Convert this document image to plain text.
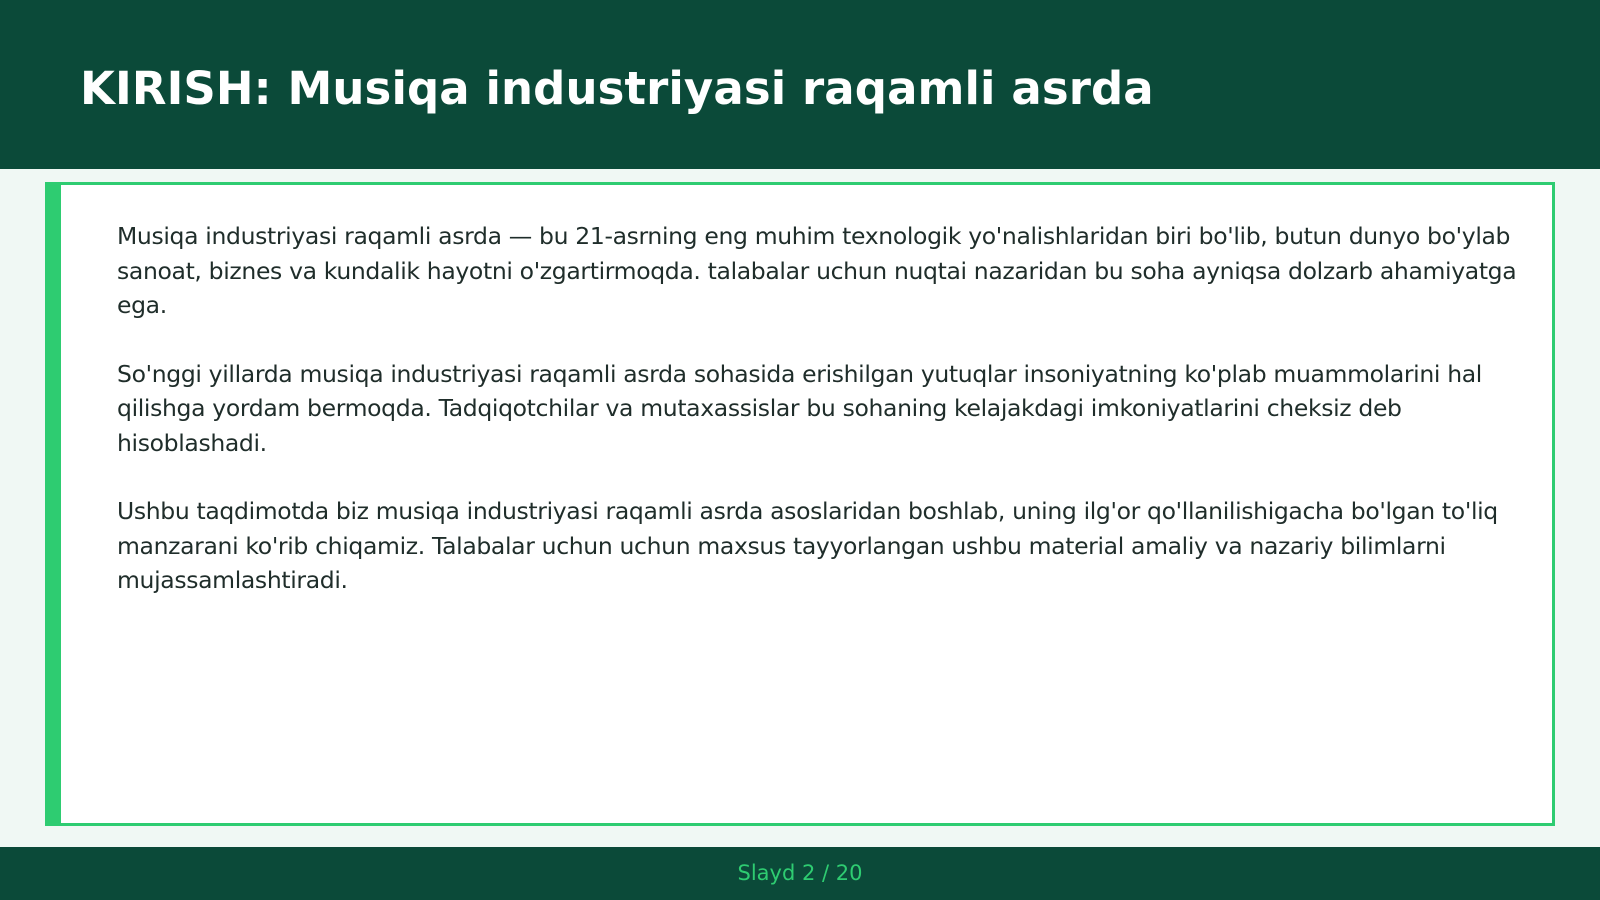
KIRISH: Musiqa industriyasi raqamli asrda

Musiqa industriyasi raqamli asrda — bu 21-asrning eng muhim texnologik yo'nalishlaridan biri bo'lib, butun dunyo bo'ylab sanoat, biznes va kundalik hayotni o'zgartirmoqda. talabalar uchun nuqtai nazaridan bu soha ayniqsa dolzarb ahamiyatga ega.

So'nggi yillarda musiqa industriyasi raqamli asrda sohasida erishilgan yutuqlar insoniyatning ko'plab muammolarini hal qilishga yordam bermoqda. Tadqiqotchilar va mutaxassislar bu sohaning kelajakdagi imkoniyatlarini cheksiz deb hisoblashadi.

Ushbu taqdimotda biz musiqa industriyasi raqamli asrda asoslaridan boshlab, uning ilg'or qo'llanilishigacha bo'lgan to'liq manzarani ko'rib chiqamiz. Talabalar uchun uchun maxsus tayyorlangan ushbu material amaliy va nazariy bilimlarni mujassamlashtiradi.

Slayd 2 / 20
